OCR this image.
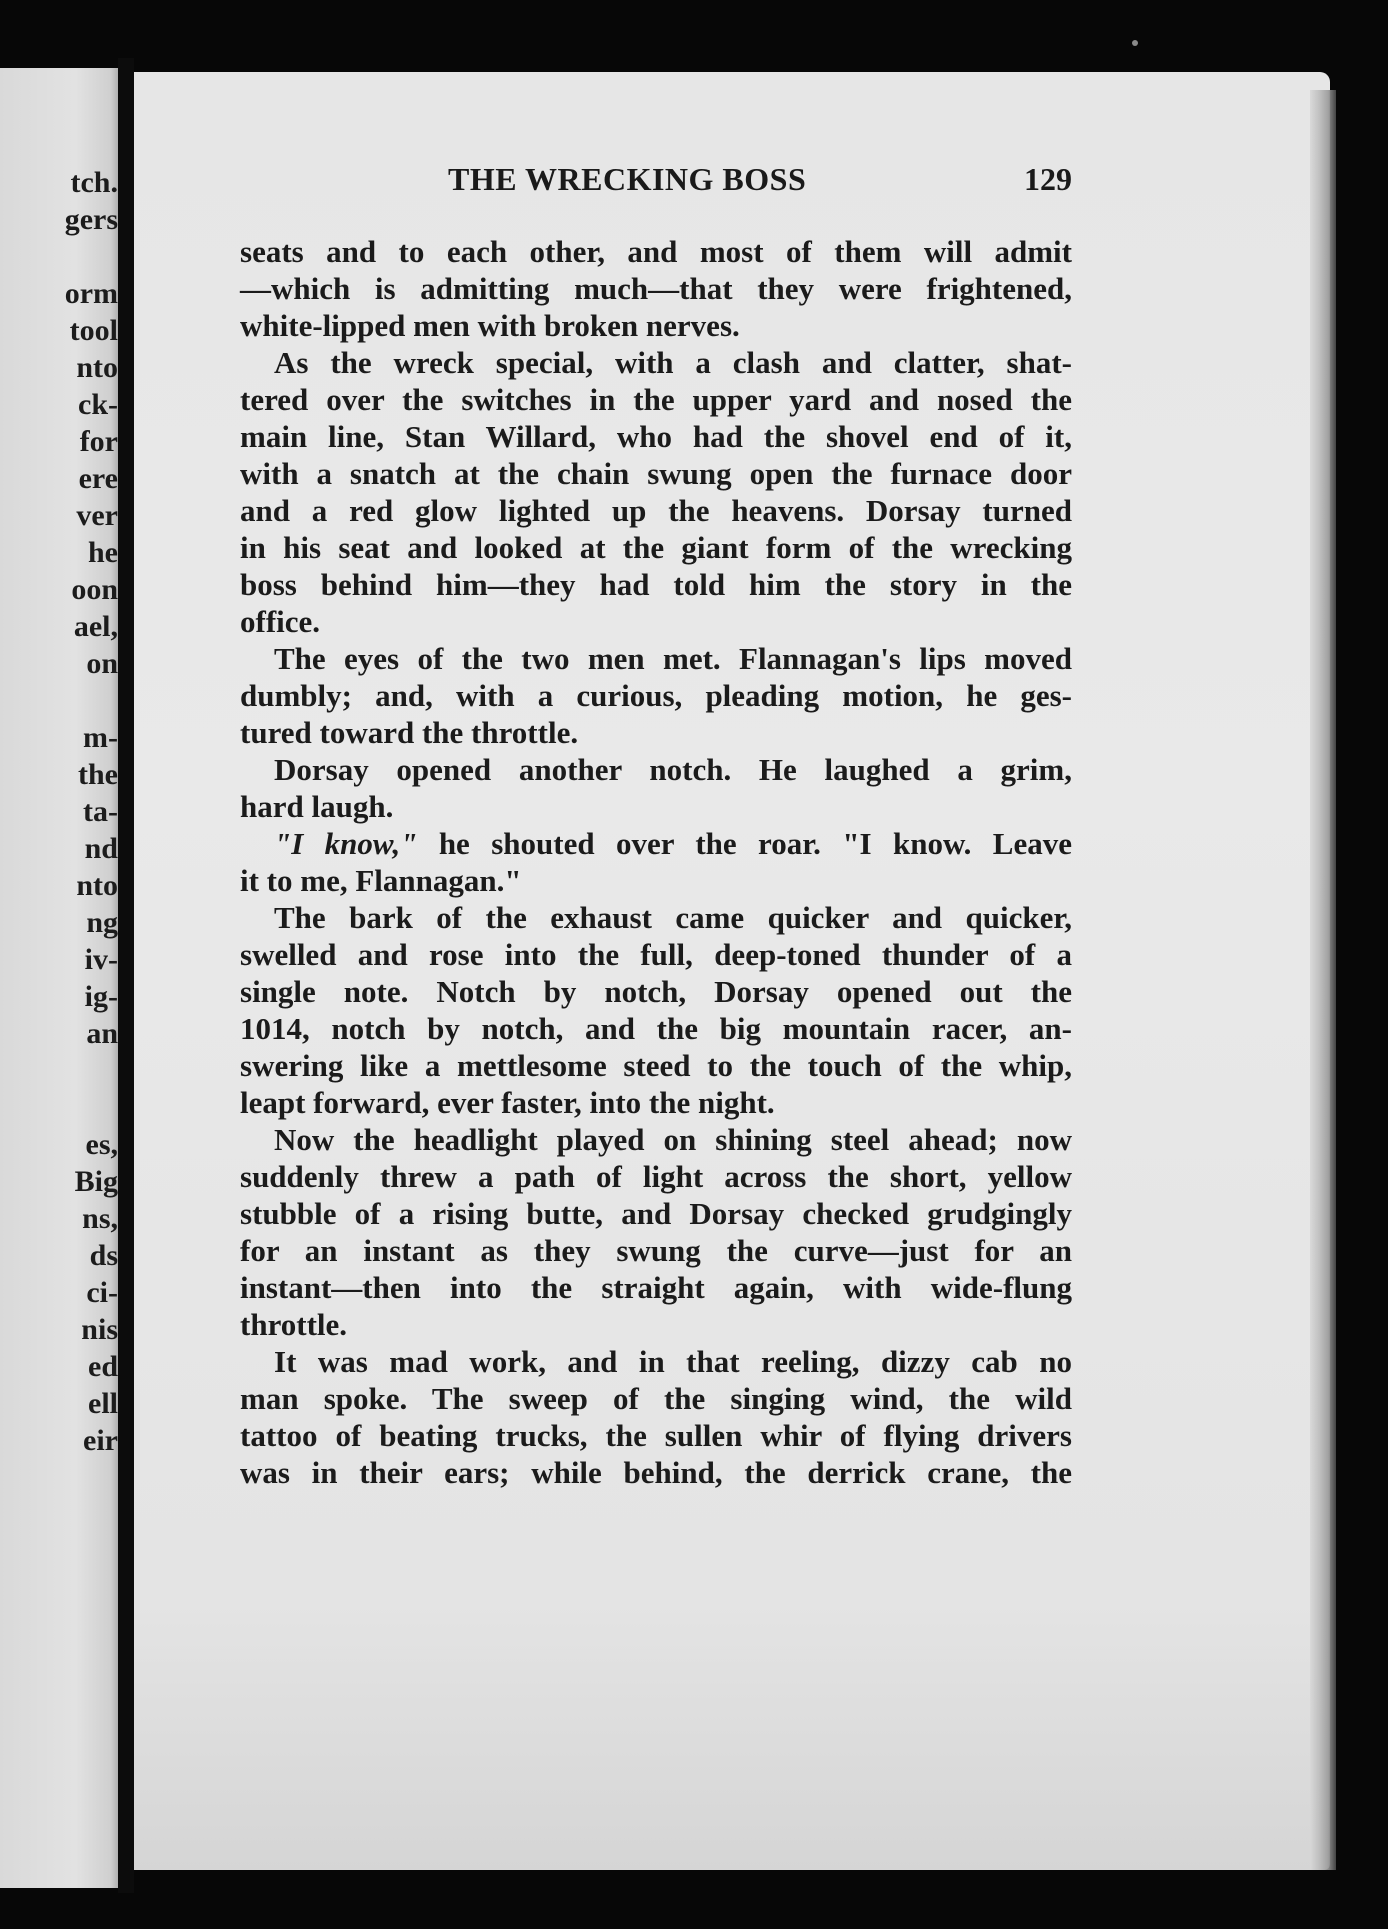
tch.
gers
orm
tool
nto
ck-
for
ere
ver
he
oon
ael,
on
m-
the
ta-
nd
nto
ng
iv-
ig-
an
es,
Big
ns,
ds
ci-
nis
ed
ell
eir
THE WRECKING BOSS	129
seats and to each other, and most of them will admit
—which is admitting much—that they were frightened,
white-lipped men with broken nerves.
As the wreck special, with a clash and clatter, shat-
tered over the switches in the upper yard and nosed the
main line, Stan Willard, who had the shovel end of it,
with a snatch at the chain swung open the furnace door
and a red glow lighted up the heavens. Dorsay turned
in his seat and looked at the giant form of the wrecking
boss behind him—they had told him the story in the
office.
The eyes of the two men met. Flannagan's lips moved
dumbly; and, with a curious, pleading motion, he ges-
tured toward the throttle.
Dorsay opened another notch. He laughed a grim,
hard laugh.
"I know," he shouted over the roar. "I know. Leave
it to me, Flannagan."
The bark of the exhaust came quicker and quicker,
swelled and rose into the full, deep-toned thunder of a
single note. Notch by notch, Dorsay opened out the
1014, notch by notch, and the big mountain racer, an-
swering like a mettlesome steed to the touch of the whip,
leapt forward, ever faster, into the night.
Now the headlight played on shining steel ahead; now
suddenly threw a path of light across the short, yellow
stubble of a rising butte, and Dorsay checked grudgingly
for an instant as they swung the curve—just for an
instant—then into the straight again, with wide-flung
throttle.
It was mad work, and in that reeling, dizzy cab no
man spoke. The sweep of the singing wind, the wild
tattoo of beating trucks, the sullen whir of flying drivers
was in their ears; while behind, the derrick crane, the
